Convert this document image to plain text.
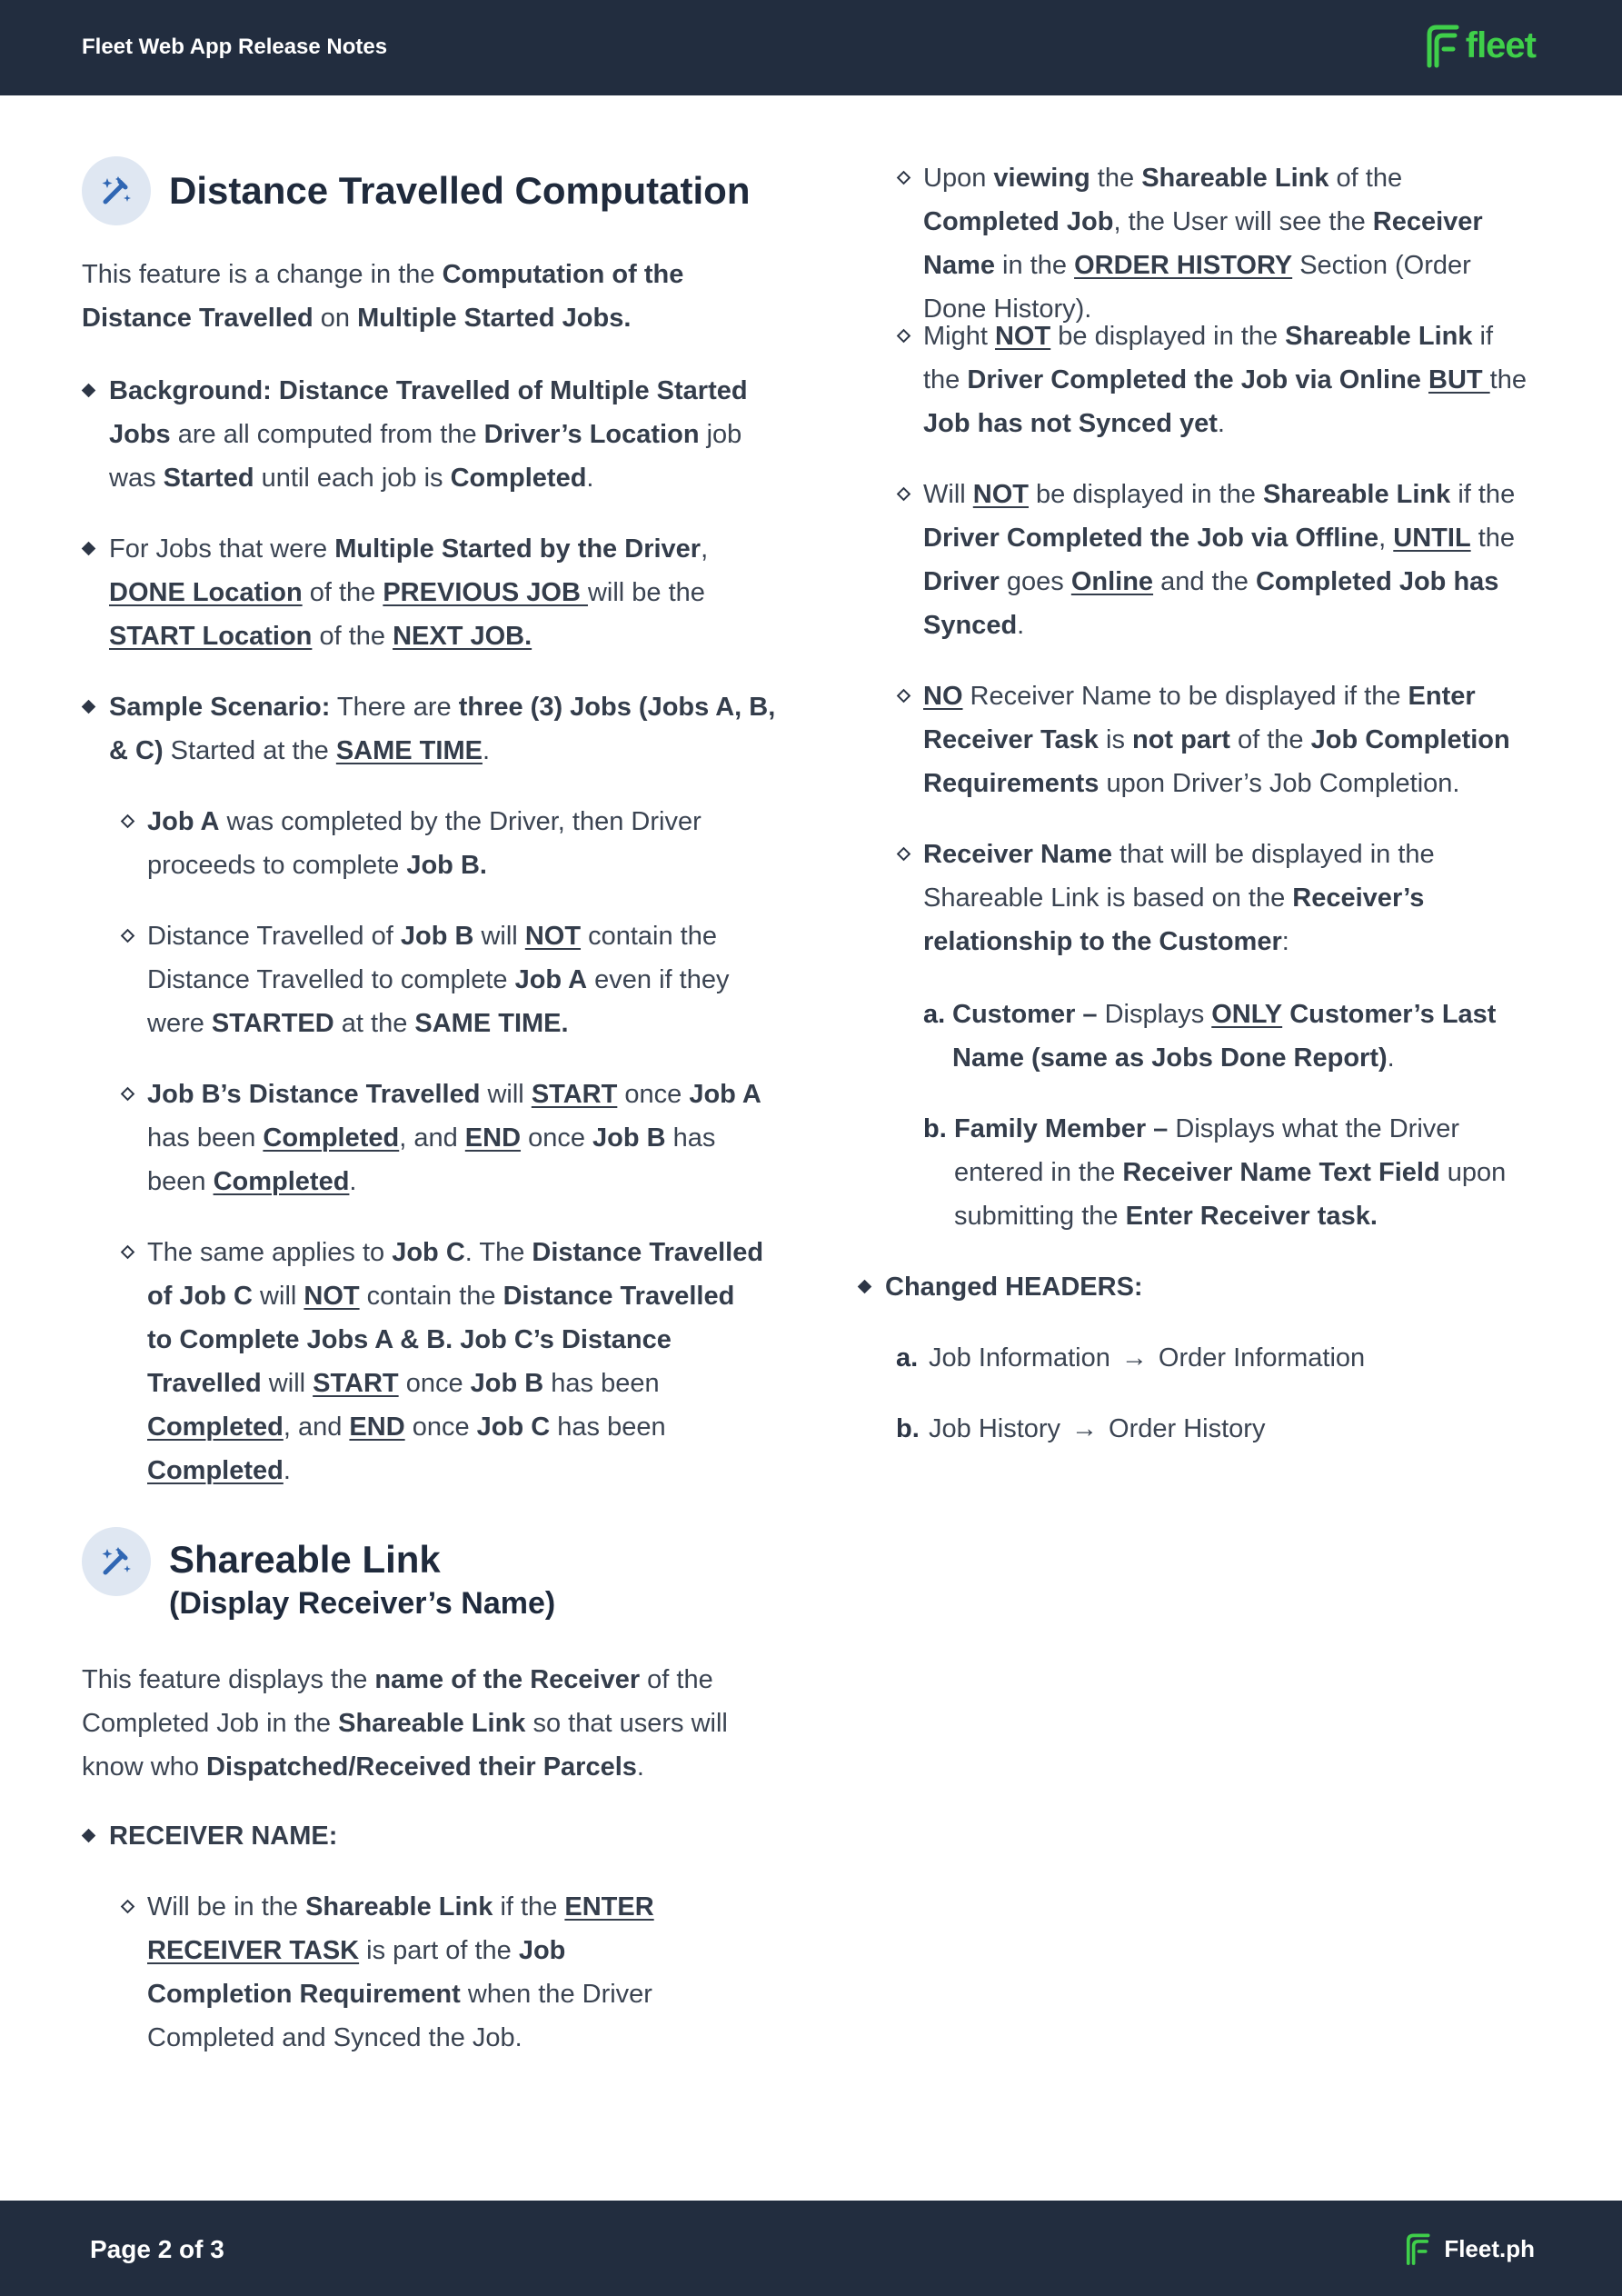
Fleet Web App Release Notes	fleet
Distance Travelled Computation
This feature is a change in the Computation of the Distance Travelled on Multiple Started Jobs.
Background: Distance Travelled of Multiple Started Jobs are all computed from the Driver’s Location job was Started until each job is Completed.
For Jobs that were Multiple Started by the Driver, DONE Location of the PREVIOUS JOB will be the START Location of the NEXT JOB.
Sample Scenario: There are three (3) Jobs (Jobs A, B, & C) Started at the SAME TIME.
Job A was completed by the Driver, then Driver proceeds to complete Job B.
Distance Travelled of Job B will NOT contain the Distance Travelled to complete Job A even if they were STARTED at the SAME TIME.
Job B’s Distance Travelled will START once Job A has been Completed, and END once Job B has been Completed.
The same applies to Job C. The Distance Travelled of Job C will NOT contain the Distance Travelled to Complete Jobs A & B. Job C’s Distance Travelled will START once Job B has been Completed, and END once Job C has been Completed.
Shareable Link
(Display Receiver’s Name)
This feature displays the name of the Receiver of the Completed Job in the Shareable Link so that users will know who Dispatched/Received their Parcels.
RECEIVER NAME:
Will be in the Shareable Link if the ENTER RECEIVER TASK is part of the Job Completion Requirement when the Driver Completed and Synced the Job.
Upon viewing the Shareable Link of the Completed Job, the User will see the Receiver Name in the ORDER HISTORY Section (Order Done History).
Might NOT be displayed in the Shareable Link if the Driver Completed the Job via Online BUT the Job has not Synced yet.
Will NOT be displayed in the Shareable Link if the Driver Completed the Job via Offline, UNTIL the Driver goes Online and the Completed Job has Synced.
NO Receiver Name to be displayed if the Enter Receiver Task is not part of the Job Completion Requirements upon Driver’s Job Completion.
Receiver Name that will be displayed in the Shareable Link is based on the Receiver’s relationship to the Customer:
a. Customer – Displays ONLY Customer’s Last Name (same as Jobs Done Report).
b. Family Member – Displays what the Driver entered in the Receiver Name Text Field upon submitting the Enter Receiver task.
Changed HEADERS:
a. Job Information → Order Information
b. Job History → Order History
Page 2 of 3	Fleet.ph
